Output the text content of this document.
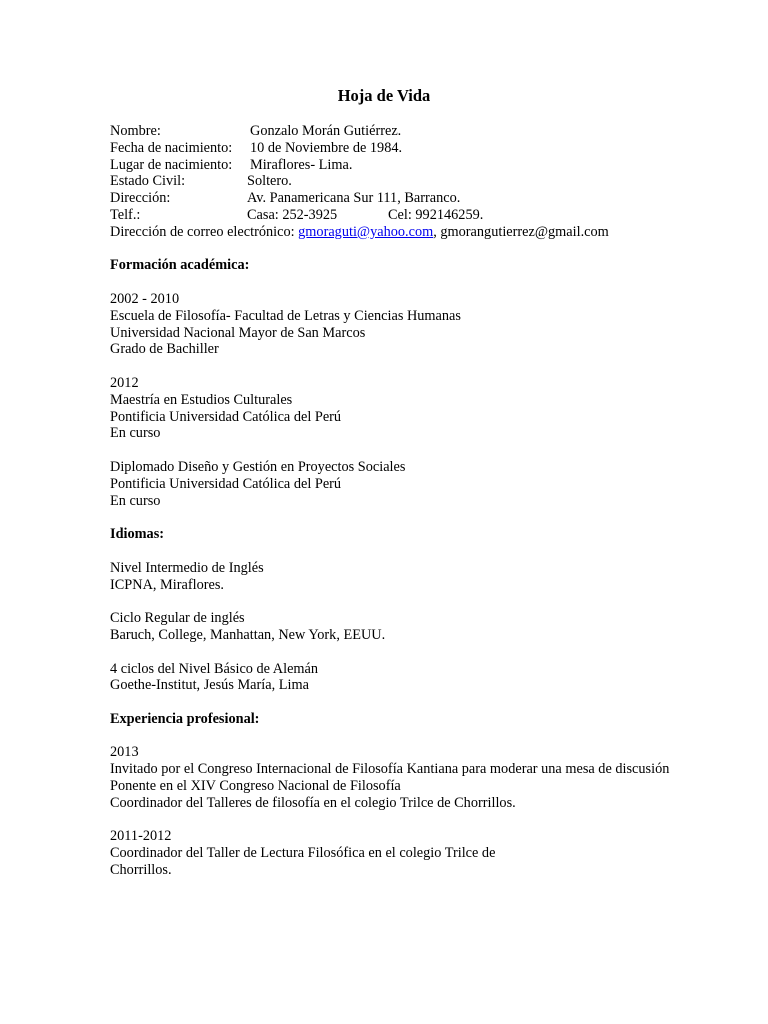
Hoja de Vida
Nombre:	Gonzalo Morán Gutiérrez.
Fecha de nacimiento: 10 de Noviembre de 1984.
Lugar de nacimiento: Miraflores- Lima.
Estado Civil:	Soltero.
Dirección:	Av. Panamericana Sur 111, Barranco.
Telf.:	Casa: 252-3925	Cel: 992146259.
Dirección de correo electrónico: gmoraguti@yahoo.com, gmorangutierrez@gmail.com
Formación académica:
2002 - 2010
Escuela de Filosofía- Facultad de Letras y Ciencias Humanas
Universidad Nacional Mayor de San Marcos
Grado de Bachiller
2012
Maestría en Estudios Culturales
Pontificia Universidad Católica del Perú
En curso
Diplomado Diseño y Gestión en Proyectos Sociales
Pontificia Universidad Católica del Perú
En curso
Idiomas:
Nivel Intermedio de Inglés
ICPNA, Miraflores.
Ciclo Regular de inglés
Baruch, College, Manhattan, New York, EEUU.
4 ciclos del Nivel Básico de Alemán
Goethe-Institut, Jesús María, Lima
Experiencia profesional:
2013
Invitado por el Congreso Internacional de Filosofía Kantiana para moderar una mesa de discusión
Ponente en el XIV Congreso Nacional de Filosofía
Coordinador del Talleres de filosofía en el colegio Trilce de Chorrillos.
2011-2012
Coordinador del Taller de Lectura Filosófica en el colegio Trilce de
Chorrillos.
